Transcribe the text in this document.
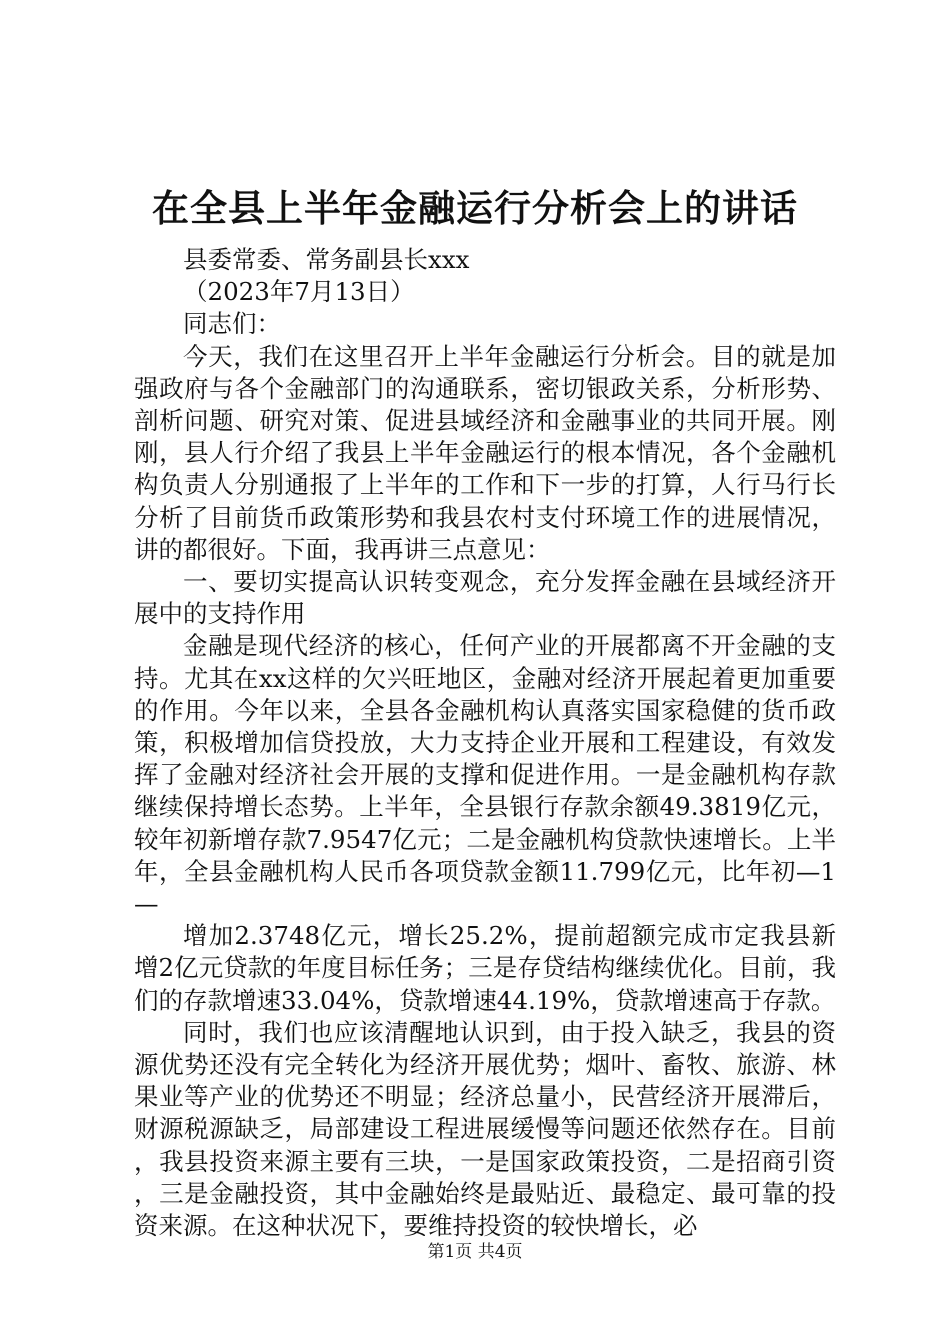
在全县上半年金融运行分析会上的讲话

县委常委、常务副县长xxx

（2023年7月13日）

同志们：

今天，我们在这里召开上半年金融运行分析会。目的就是加强政府与各个金融部门的沟通联系，密切银政关系，分析形势、剖析问题、研究对策、促进县域经济和金融事业的共同开展。刚刚，县人行介绍了我县上半年金融运行的根本情况，各个金融机构负责人分别通报了上半年的工作和下一步的打算，人行马行长分析了目前货币政策形势和我县农村支付环境工作的进展情况，讲的都很好。下面，我再讲三点意见：

一、要切实提高认识转变观念，充分发挥金融在县域经济开展中的支持作用

金融是现代经济的核心，任何产业的开展都离不开金融的支持。尤其在xx这样的欠兴旺地区，金融对经济开展起着更加重要的作用。今年以来，全县各金融机构认真落实国家稳健的货币政策，积极增加信贷投放，大力支持企业开展和工程建设，有效发挥了金融对经济社会开展的支撑和促进作用。一是金融机构存款继续保持增长态势。上半年，全县银行存款余额49.3819亿元，较年初新增存款7.9547亿元；二是金融机构贷款快速增长。上半年，全县金融机构人民币各项贷款金额11.799亿元，比年初—1—

增加2.3748亿元，增长25.2%，提前超额完成市定我县新增2亿元贷款的年度目标任务；三是存贷结构继续优化。目前，我们的存款增速33.04%，贷款增速44.19%，贷款增速高于存款。

同时，我们也应该清醒地认识到，由于投入缺乏，我县的资源优势还没有完全转化为经济开展优势；烟叶、畜牧、旅游、林果业等产业的优势还不明显；经济总量小，民营经济开展滞后，财源税源缺乏，局部建设工程进展缓慢等问题还依然存在。目前，我县投资来源主要有三块，一是国家政策投资，二是招商引资，三是金融投资，其中金融始终是最贴近、最稳定、最可靠的投资来源。在这种状况下，要维持投资的较快增长，必

第1页 共4页
